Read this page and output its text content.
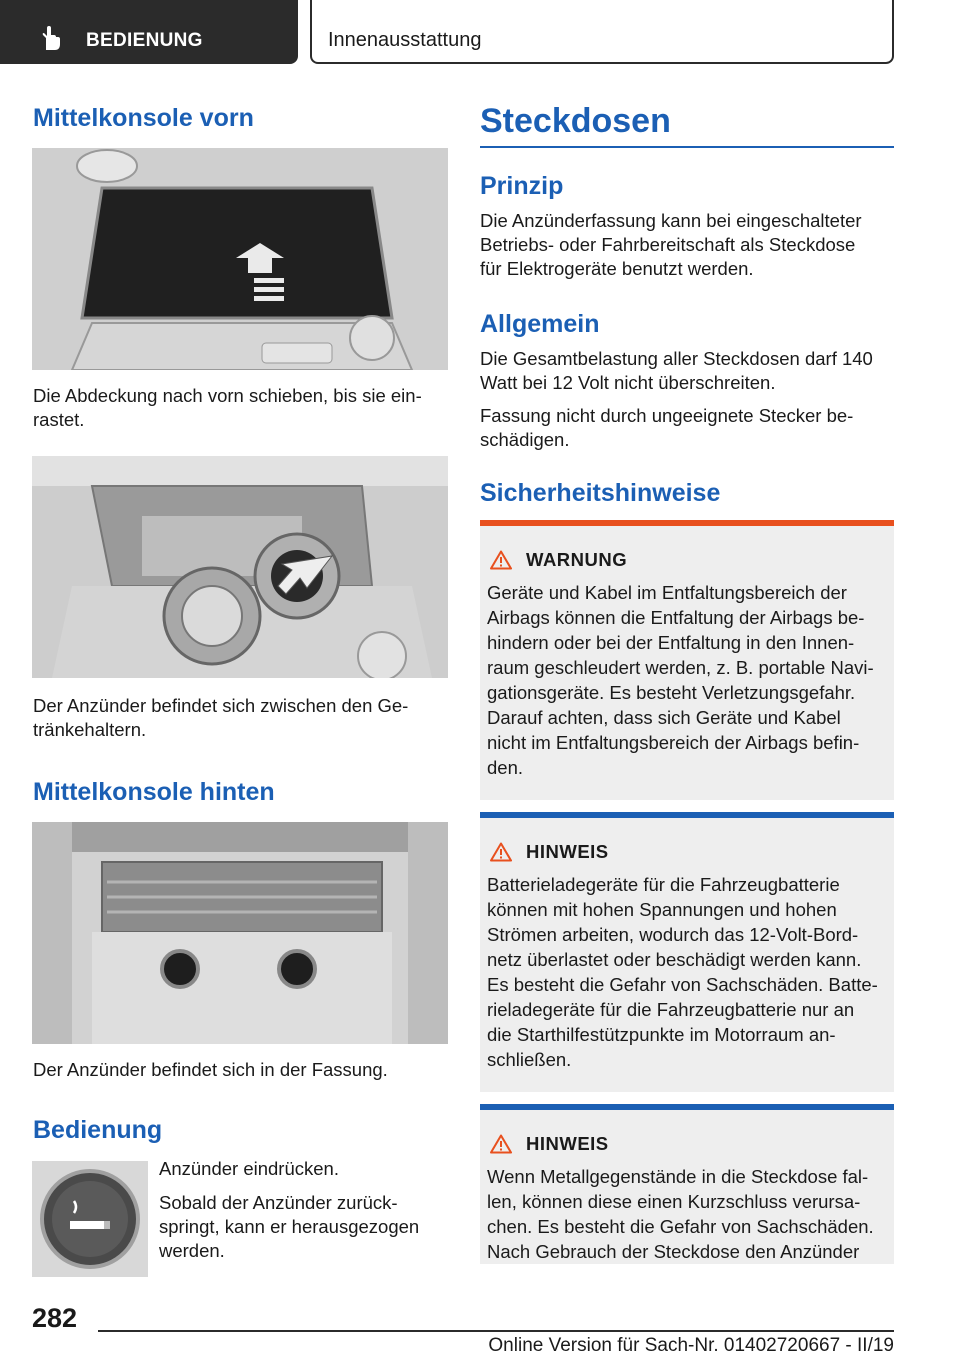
BEDIENUNG	Innenausstattung
Mittelkonsole vorn
Die Abdeckung nach vorn schieben, bis sie ein‐
rastet.
Der Anzünder befindet sich zwischen den Ge‐
tränkehaltern.
Mittelkonsole hinten
Der Anzünder befindet sich in der Fassung.
Bedienung
Anzünder eindrücken.
Sobald der Anzünder zurück‐
springt, kann er herausgezogen
werden.
Steckdosen
Prinzip
Die Anzünderfassung kann bei eingeschalteter
Betriebs- oder Fahrbereitschaft als Steckdose
für Elektrogeräte benutzt werden.
Allgemein
Die Gesamtbelastung aller Steckdosen darf 140
Watt bei 12 Volt nicht überschreiten.
Fassung nicht durch ungeeignete Stecker be‐
schädigen.
Sicherheitshinweise
WARNUNG
Geräte und Kabel im Entfaltungsbereich der
Airbags können die Entfaltung der Airbags be‐
hindern oder bei der Entfaltung in den Innen‐
raum geschleudert werden, z. B. portable Navi‐
gationsgeräte. Es besteht Verletzungsgefahr.
Darauf achten, dass sich Geräte und Kabel
nicht im Entfaltungsbereich der Airbags befin‐
den.
HINWEIS
Batterieladegeräte für die Fahrzeugbatterie
können mit hohen Spannungen und hohen
Strömen arbeiten, wodurch das 12-Volt-Bord‐
netz überlastet oder beschädigt werden kann.
Es besteht die Gefahr von Sachschäden. Batte‐
rieladegeräte für die Fahrzeugbatterie nur an
die Starthilfestützpunkte im Motorraum an‐
schließen.
HINWEIS
Wenn Metallgegenstände in die Steckdose fal‐
len, können diese einen Kurzschluss verursa‐
chen. Es besteht die Gefahr von Sachschäden.
Nach Gebrauch der Steckdose den Anzünder
282
Online Version für Sach-Nr. 01402720667 - II/19
